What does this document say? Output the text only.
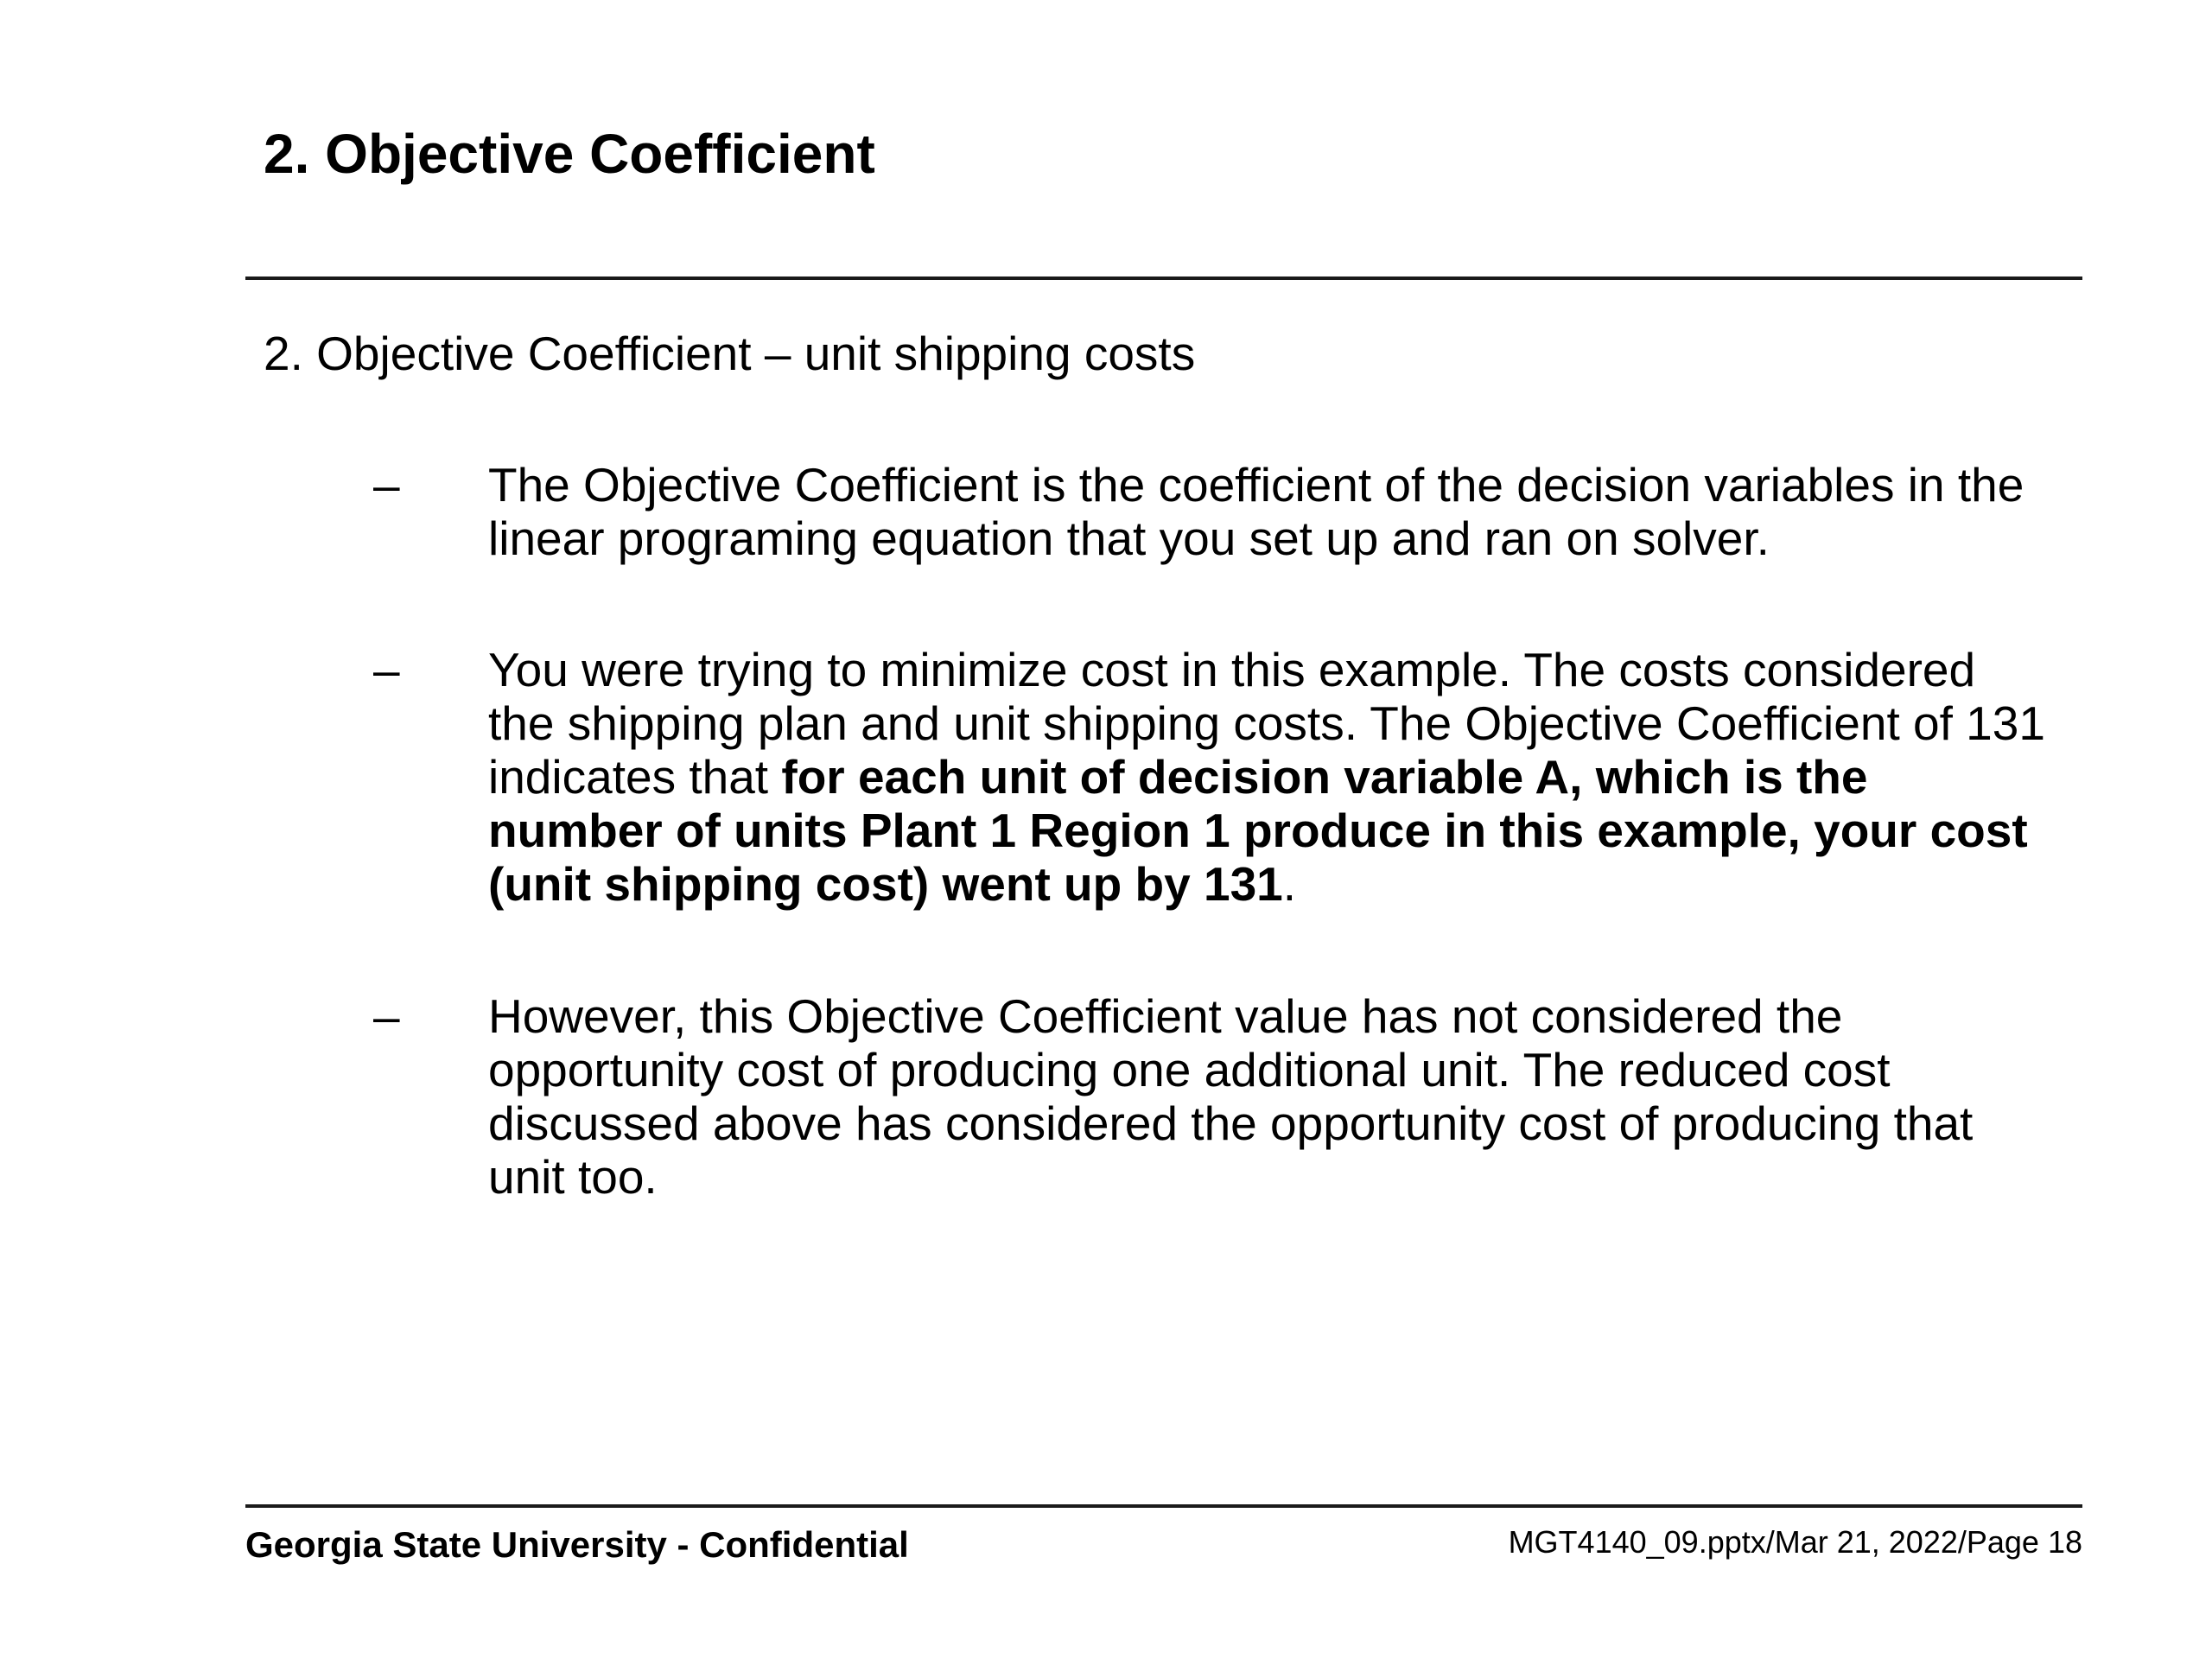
2. Objective Coefficient
2. Objective Coefficient – unit shipping costs
– The Objective Coefficient is the coefficient of the decision variables in the linear programing equation that you set up and ran on solver.
– You were trying to minimize cost in this example. The costs considered the shipping plan and unit shipping costs. The Objective Coefficient of 131 indicates that for each unit of decision variable A, which is the number of units Plant 1 Region 1 produce in this example, your cost (unit shipping cost) went up by 131.
– However, this Objective Coefficient value has not considered the opportunity cost of producing one additional unit. The reduced cost discussed above has considered the opportunity cost of producing that unit too.
Georgia State University - Confidential	MGT4140_09.pptx/Mar 21, 2022/Page 18
